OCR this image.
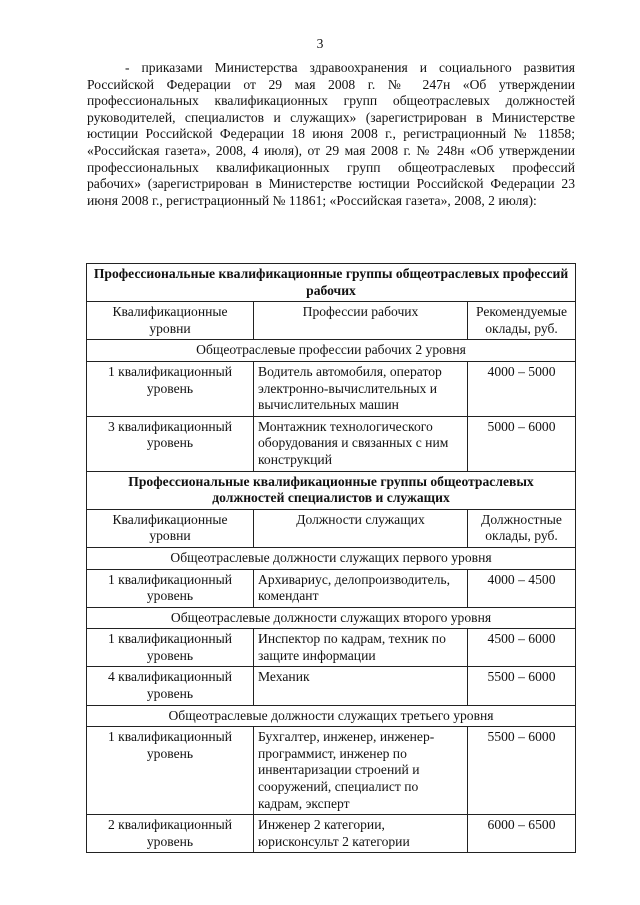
3

- приказами Министерства здравоохранения и социального развития Российской Федерации от 29 мая 2008 г. № 247н «Об утверждении профессиональных квалификационных групп общеотраслевых должностей руководителей, специалистов и служащих» (зарегистрирован в Министерстве юстиции Российской Федерации 18 июня 2008 г., регистрационный № 11858; «Российская газета», 2008, 4 июля), от 29 мая 2008 г. № 248н «Об утверждении профессиональных квалификационных групп общеотраслевых профессий рабочих» (зарегистрирован в Министерстве юстиции Российской Федерации 23 июня 2008 г., регистрационный № 11861; «Российская газета», 2008, 2 июля):

Профессиональные квалификационные группы общеотраслевых профессий рабочих		
Квалификационные уровни	Профессии рабочих	Рекомендуемые оклады, руб.
Общеотраслевые профессии рабочих 2 уровня		
1 квалификационный уровень	Водитель автомобиля, оператор электронно-вычислительных и вычислительных машин	4000 – 5000
3 квалификационный уровень	Монтажник технологического оборудования и связанных с ним конструкций	5000 – 6000
Профессиональные квалификационные группы общеотраслевых должностей специалистов и служащих		
Квалификационные уровни	Должности служащих	Должностные оклады, руб.
Общеотраслевые должности служащих первого уровня		
1 квалификационный уровень	Архивариус, делопроизводитель, комендант	4000 – 4500
Общеотраслевые должности служащих второго уровня		
1 квалификационный уровень	Инспектор по кадрам, техник по защите информации	4500 – 6000
4 квалификационный уровень	Механик	5500 – 6000
Общеотраслевые должности служащих третьего уровня		
1 квалификационный уровень	Бухгалтер, инженер, инженер-программист, инженер по инвентаризации строений и сооружений, специалист по кадрам, эксперт	5500 – 6000
2 квалификационный уровень	Инженер 2 категории, юрисконсульт 2 категории	6000 – 6500
